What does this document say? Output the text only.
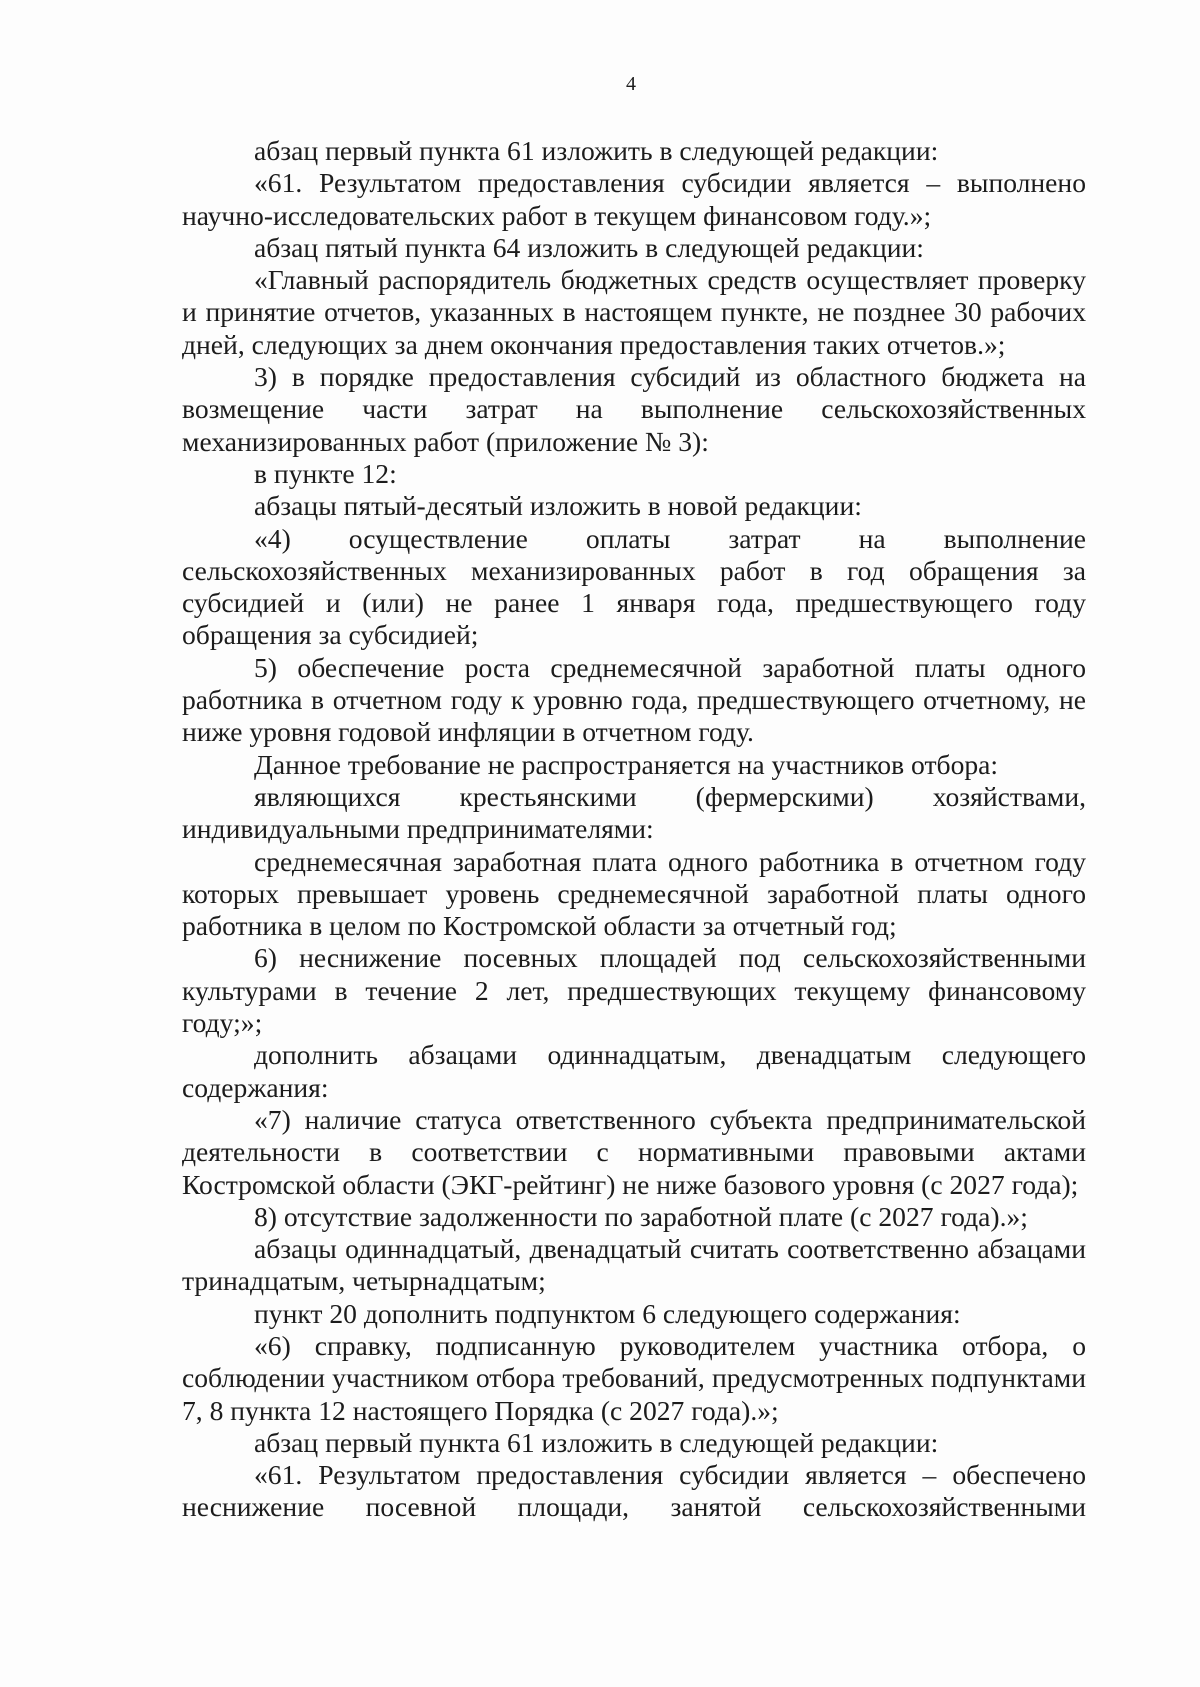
4

абзац первый пункта 61 изложить в следующей редакции:

«61. Результатом предоставления субсидии является – выполнено научно-исследовательских работ в текущем финансовом году.»;

абзац пятый пункта 64 изложить в следующей редакции:

«Главный распорядитель бюджетных средств осуществляет проверку и принятие отчетов, указанных в настоящем пункте, не позднее 30 рабочих дней, следующих за днем окончания предоставления таких отчетов.»;

3) в порядке предоставления субсидий из областного бюджета на возмещение части затрат на выполнение сельскохозяйственных механизированных работ (приложение № 3):

в пункте 12:

абзацы пятый-десятый изложить в новой редакции:

«4) осуществление оплаты затрат на выполнение сельскохозяйственных механизированных работ в год обращения за субсидией и (или) не ранее 1 января года, предшествующего году обращения за субсидией;

5) обеспечение роста среднемесячной заработной платы одного работника в отчетном году к уровню года, предшествующего отчетному, не ниже уровня годовой инфляции в отчетном году.

Данное требование не распространяется на участников отбора:

являющихся крестьянскими (фермерскими) хозяйствами, индивидуальными предпринимателями:

среднемесячная заработная плата одного работника в отчетном году которых превышает уровень среднемесячной заработной платы одного работника в целом по Костромской области за отчетный год;

6) неснижение посевных площадей под сельскохозяйственными культурами в течение 2 лет, предшествующих текущему финансовому году;»;

дополнить абзацами одиннадцатым, двенадцатым следующего содержания:

«7) наличие статуса ответственного субъекта предпринимательской деятельности в соответствии с нормативными правовыми актами Костромской области (ЭКГ-рейтинг) не ниже базового уровня (с 2027 года);

8) отсутствие задолженности по заработной плате (с 2027 года).»;

абзацы одиннадцатый, двенадцатый считать соответственно абзацами тринадцатым, четырнадцатым;

пункт 20 дополнить подпунктом 6 следующего содержания:

«6) справку, подписанную руководителем участника отбора, о соблюдении участником отбора требований, предусмотренных подпунктами 7, 8 пункта 12 настоящего Порядка (с 2027 года).»;

абзац первый пункта 61 изложить в следующей редакции:

«61. Результатом предоставления субсидии является – обеспечено неснижение посевной площади, занятой сельскохозяйственными
